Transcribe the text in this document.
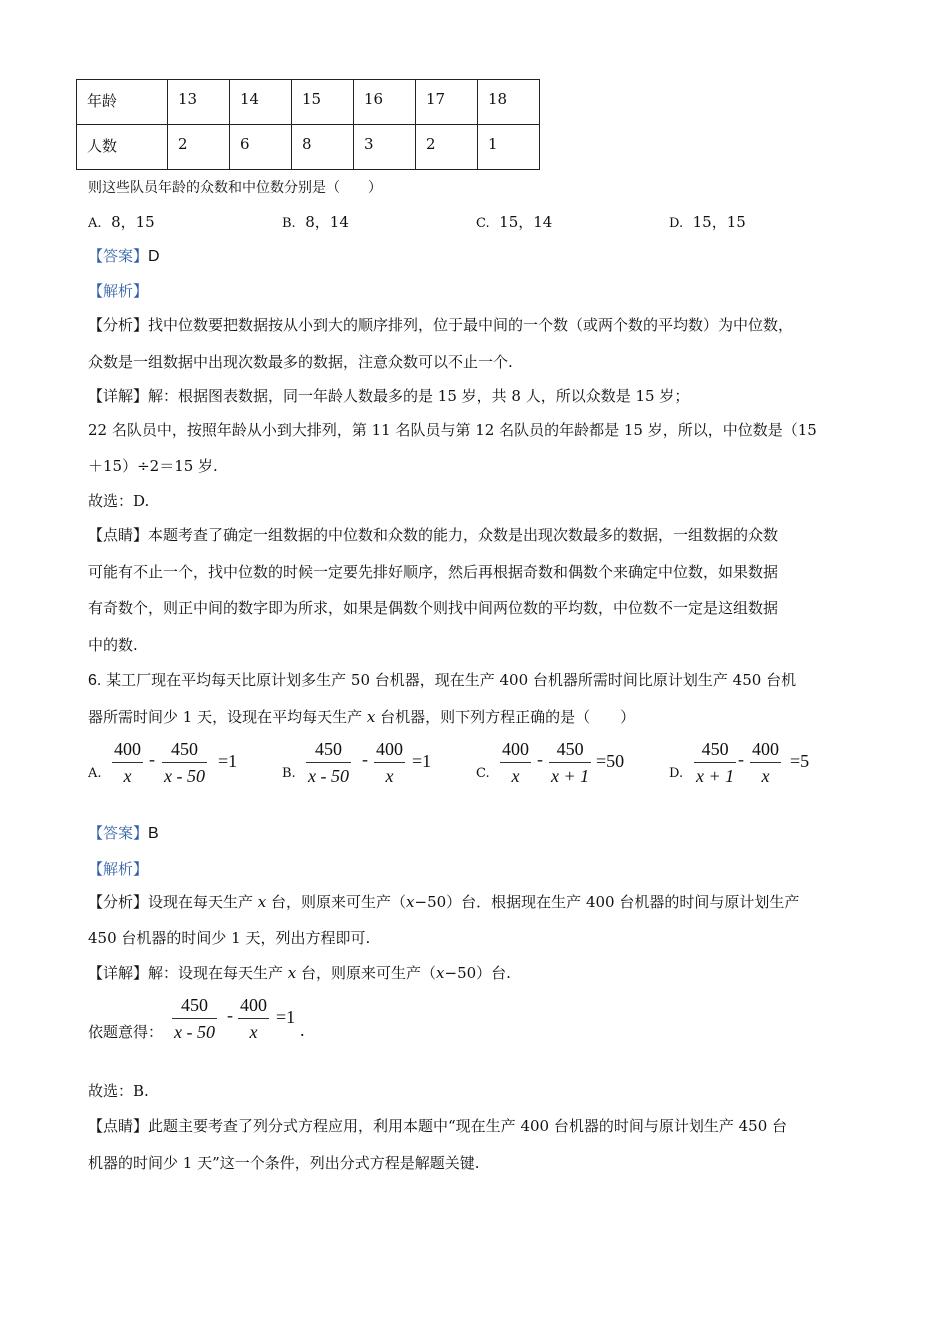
年龄	13	14	15	16	17	18
人数	2	6	8	3	2	1
则这些队员年龄的众数和中位数分别是（　　）
A. 8，15	B. 8，14	C. 15，14	D. 15，15
【答案】D
【解析】
【分析】找中位数要把数据按从小到大的顺序排列，位于最中间的一个数（或两个数的平均数）为中位数，
众数是一组数据中出现次数最多的数据，注意众数可以不止一个.
【详解】解：根据图表数据，同一年龄人数最多的是 15 岁，共 8 人，所以众数是 15 岁；
22 名队员中，按照年龄从小到大排列，第 11 名队员与第 12 名队员的年龄都是 15 岁，所以，中位数是（15
＋15）÷2＝15 岁.
故选：D.
【点睛】本题考查了确定一组数据的中位数和众数的能力，众数是出现次数最多的数据，一组数据的众数
可能有不止一个，找中位数的时候一定要先排好顺序，然后再根据奇数和偶数个来确定中位数，如果数据
有奇数个，则正中间的数字即为所求，如果是偶数个则找中间两位数的平均数，中位数不一定是这组数据
中的数.
6. 某工厂现在平均每天比原计划多生产 50 台机器，现在生产 400 台机器所需时间比原计划生产 450 台机
器所需时间少 1 天，设现在平均每天生产 x 台机器，则下列方程正确的是（　　）
A.
400
x
- 450
x - 50
=1
B.
450
x - 50
- 400
x
=1
C.
400
x
- 450
x + 1
=50
D.
450
x + 1
- 400
x
=5
【答案】B
【解析】
【分析】设现在每天生产 x 台，则原来可生产（x−50）台．根据现在生产 400 台机器的时间与原计划生产
450 台机器的时间少 1 天，列出方程即可.
【详解】解：设现在每天生产 x 台，则原来可生产（x−50）台.
依题意得：
450
x - 50
- 400
x
=1
.
故选：B.
【点睛】此题主要考查了列分式方程应用，利用本题中“现在生产 400 台机器的时间与原计划生产 450 台
机器的时间少 1 天”这一个条件，列出分式方程是解题关键.
